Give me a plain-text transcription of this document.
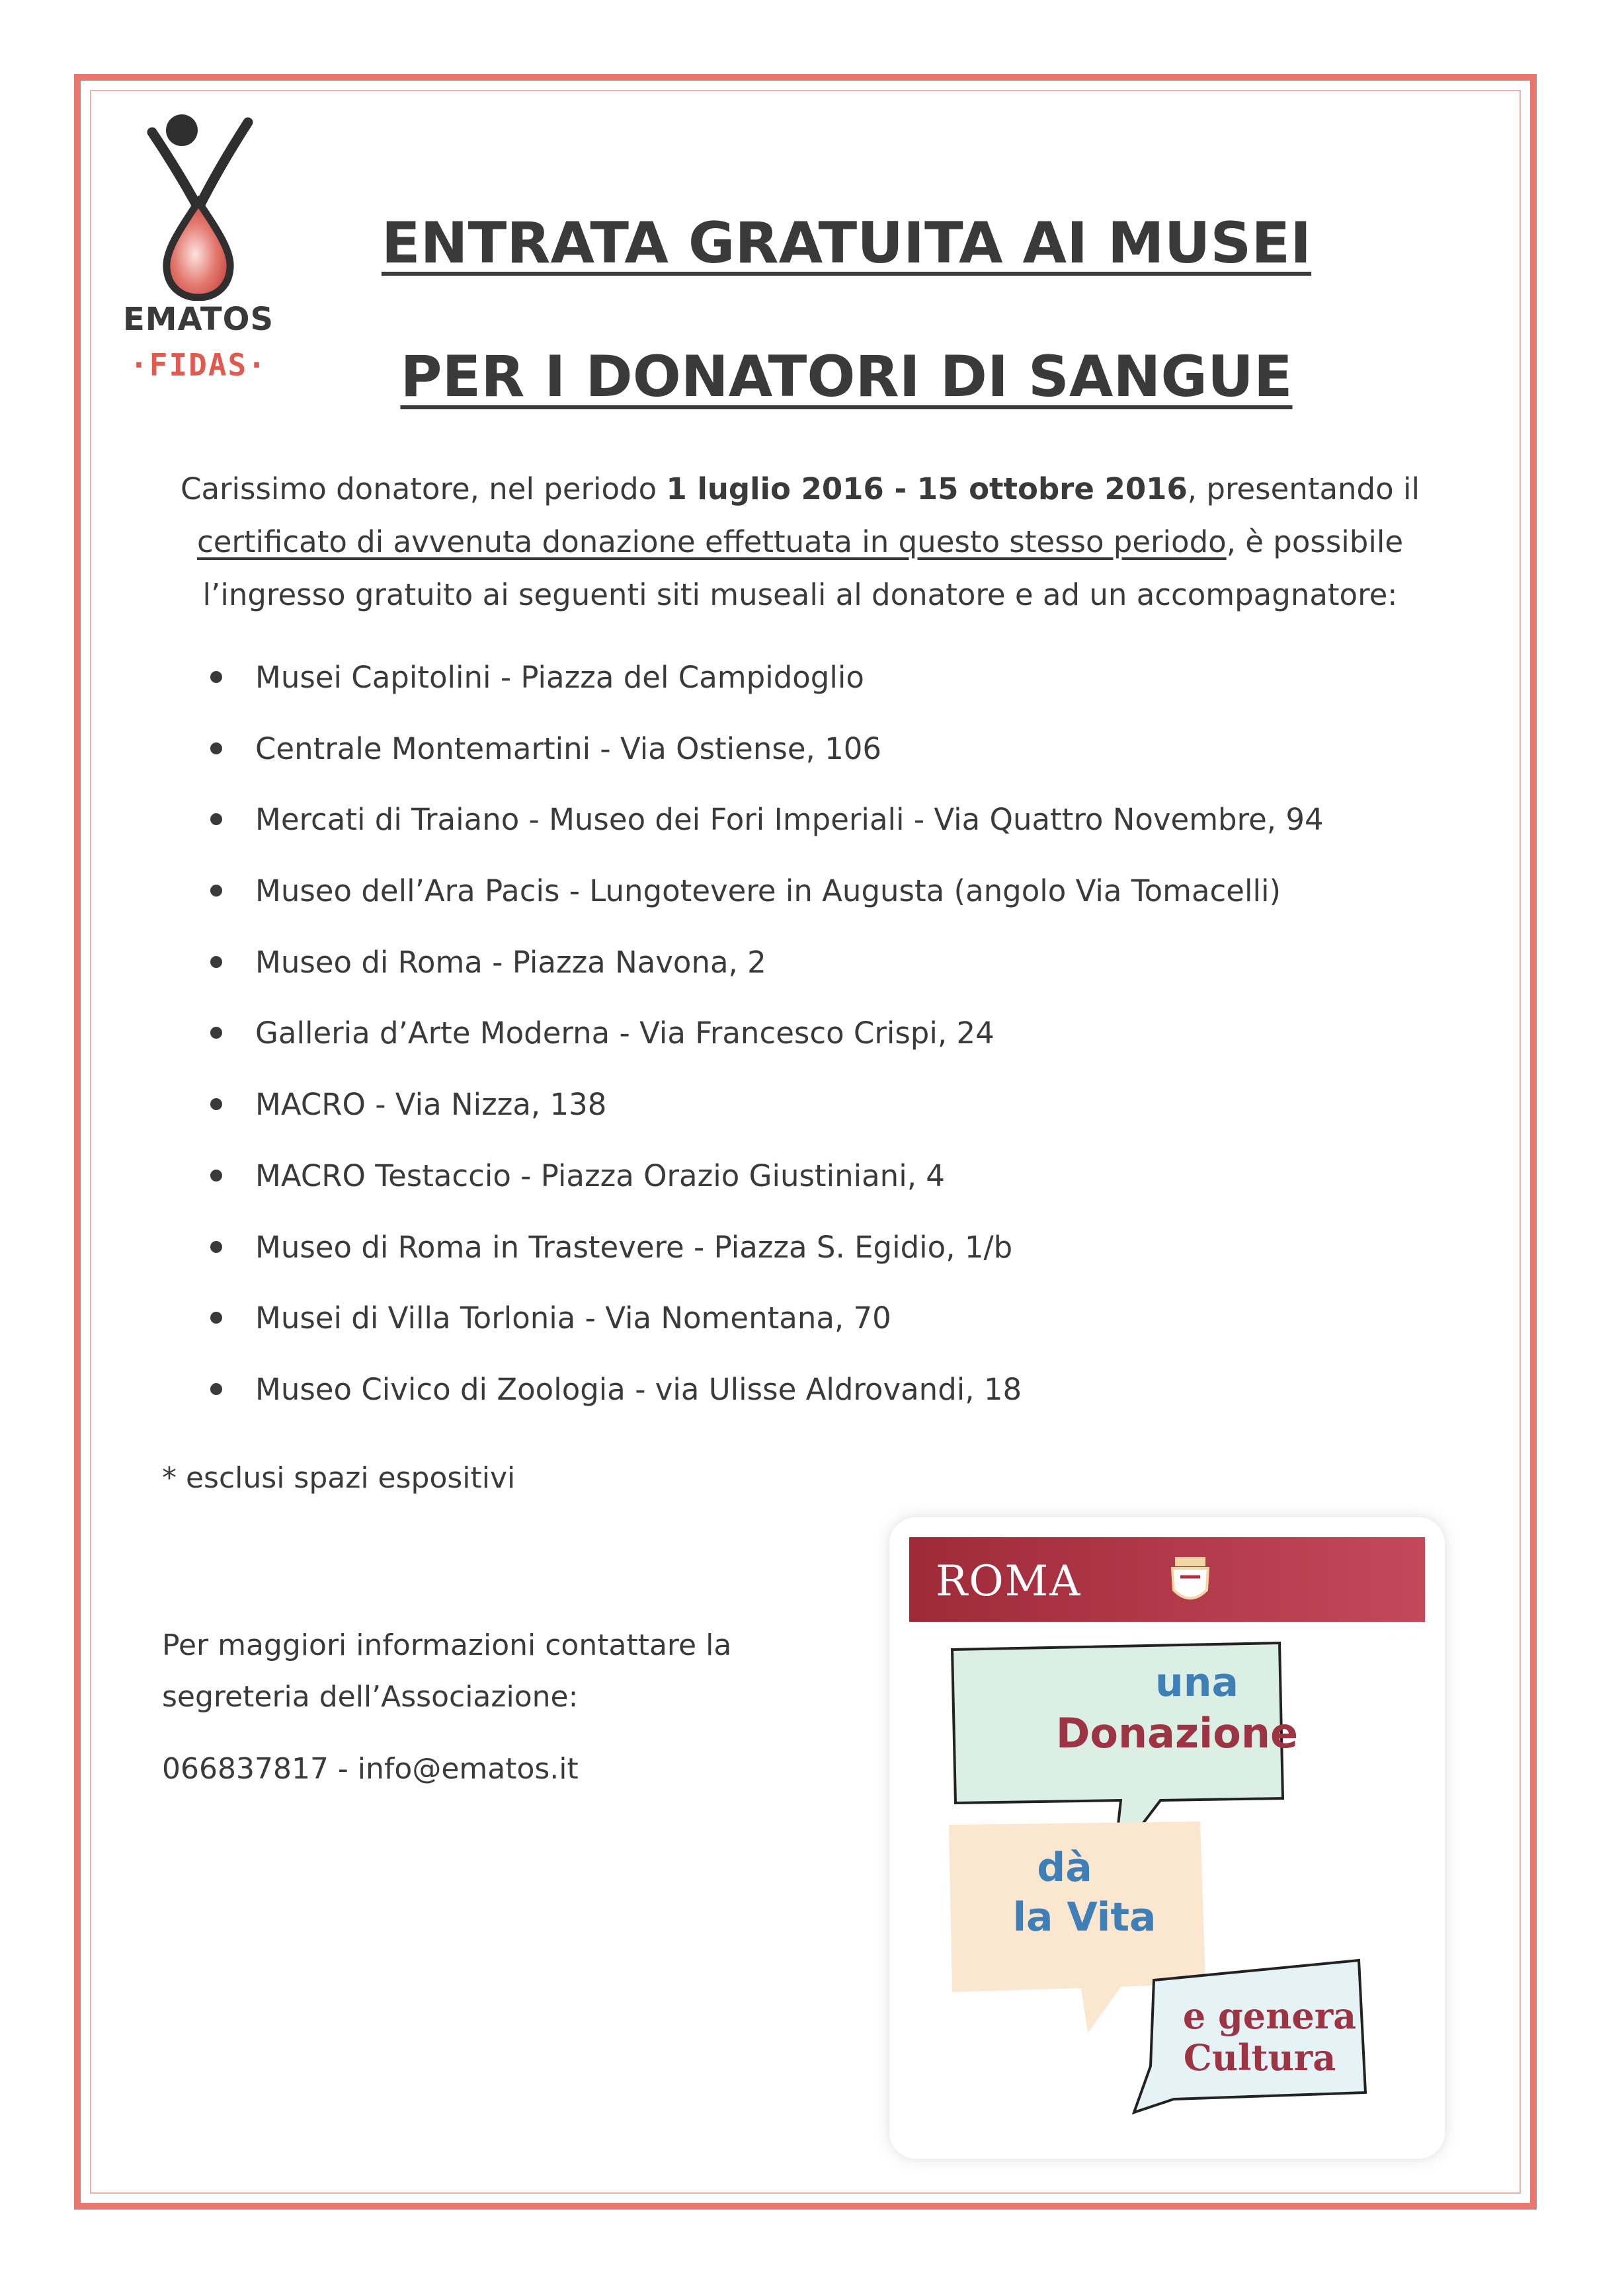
EMATOS
·FIDAS·
ENTRATA GRATUITA AI MUSEI
PER I DONATORI DI SANGUE
Carissimo donatore, nel periodo 1 luglio 2016 - 15 ottobre 2016, presentando il
certificato di avvenuta donazione effettuata in questo stesso periodo, è possibile
l’ingresso gratuito ai seguenti siti museali al donatore e ad un accompagnatore:
Musei Capitolini - Piazza del Campidoglio
Centrale Montemartini - Via Ostiense, 106
Mercati di Traiano - Museo dei Fori Imperiali - Via Quattro Novembre, 94
Museo dell’Ara Pacis - Lungotevere in Augusta (angolo Via Tomacelli)
Museo di Roma - Piazza Navona, 2
Galleria d’Arte Moderna - Via Francesco Crispi, 24
MACRO - Via Nizza, 138
MACRO Testaccio - Piazza Orazio Giustiniani, 4
Museo di Roma in Trastevere - Piazza S. Egidio, 1/b
Musei di Villa Torlonia - Via Nomentana, 70
Museo Civico di Zoologia - via Ulisse Aldrovandi, 18
* esclusi spazi espositivi
Per maggiori informazioni contattare la
segreteria dell’Associazione:
066837817 - info@ematos.it
ROMA
una
Donazione
dà
la Vita
e genera
Cultura
